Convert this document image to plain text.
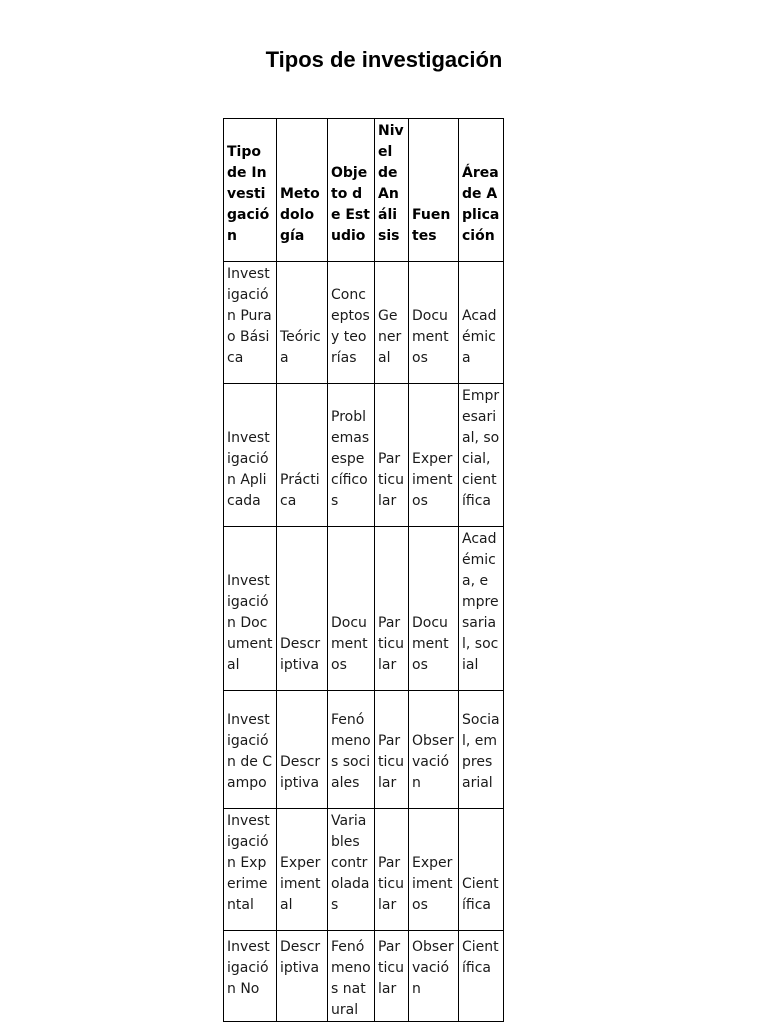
Tipos de investigación
Tipo de Investigación	Metodología	Objeto de Estudio	Nivel de Análisis	Fuentes	Área de Aplicación

Investigación Pura o Básica	Teórica	Conceptos y teorías	General	Documentos	Académica

Investigación Aplicada	Práctica	Problemas específicos	Particular	Experimentos	Empresarial, social, científica

Investigación Documental	Descriptiva	Documentos	Particular	Documentos	Académica, empresarial, social

Investigación de Campo	Descriptiva	Fenómenos sociales	Particular	Observación	Social, empresarial

Investigación Experimental	Experimental	Variables controladas	Particular	Experimentos	Científica

Investigación No	Descriptiva	Fenómenos natural	Particular	Observación	Científica
